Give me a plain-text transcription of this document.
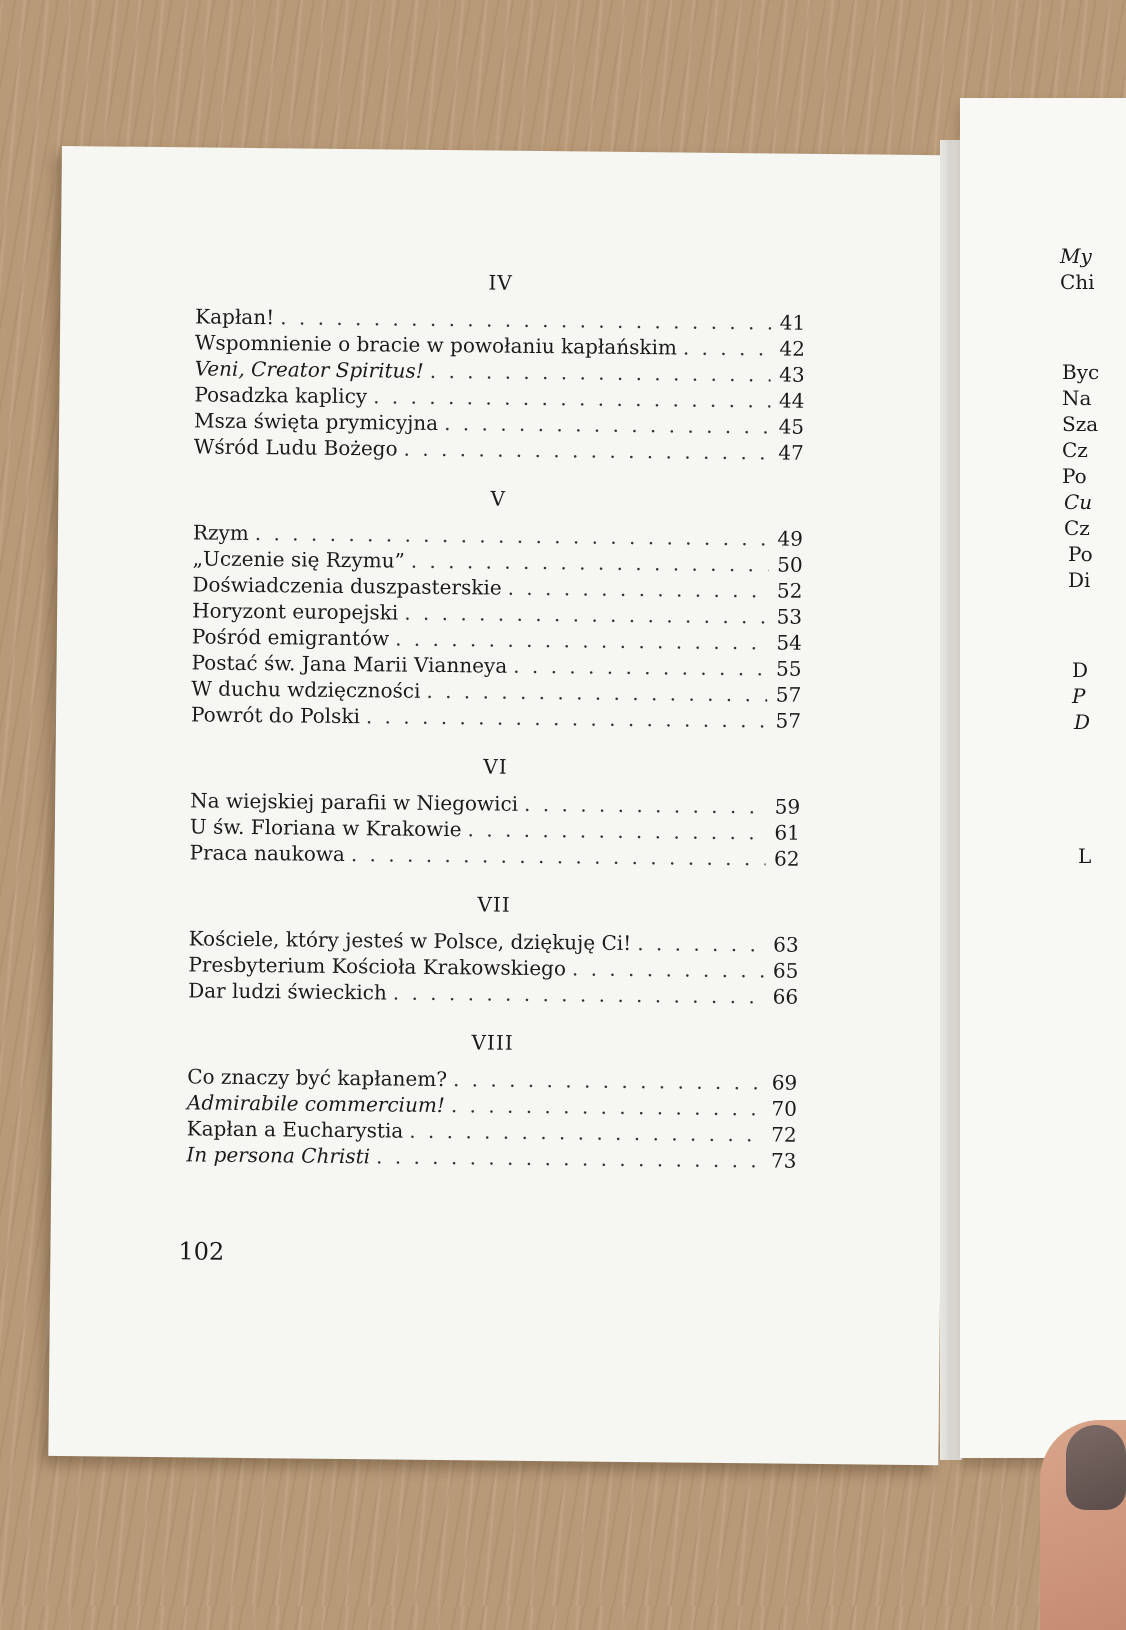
IV
Kapłan! . . .	41
Wspomnienie o bracie w powołaniu kapłańskim . . .	42
Veni, Creator Spiritus! . . .	43
Posadzka kaplicy . . .	44
Msza święta prymicyjna . . .	45
Wśród Ludu Bożego . . .	47
V
Rzym . . .	49
„Uczenie się Rzymu” . . .	50
Doświadczenia duszpasterskie . . .	52
Horyzont europejski . . .	53
Pośród emigrantów . . .	54
Postać św. Jana Marii Vianneya . . .	55
W duchu wdzięczności . . .	57
Powrót do Polski . . .	57
VI
Na wiejskiej parafii w Niegowici . . .	59
U św. Floriana w Krakowie . . .	61
Praca naukowa . . .	62
VII
Kościele, który jesteś w Polsce, dziękuję Ci! . . .	63
Presbyterium Kościoła Krakowskiego . . .	65
Dar ludzi świeckich . . .	66
VIII
Co znaczy być kapłanem? . . .	69
Admirabile commercium! . . .	70
Kapłan a Eucharystia . . .	72
In persona Christi . . .	73
102
My
Chi
Byc
Na
Sza
Cz
Po
Cu
Cz
Po
Di
D
P
D
L
